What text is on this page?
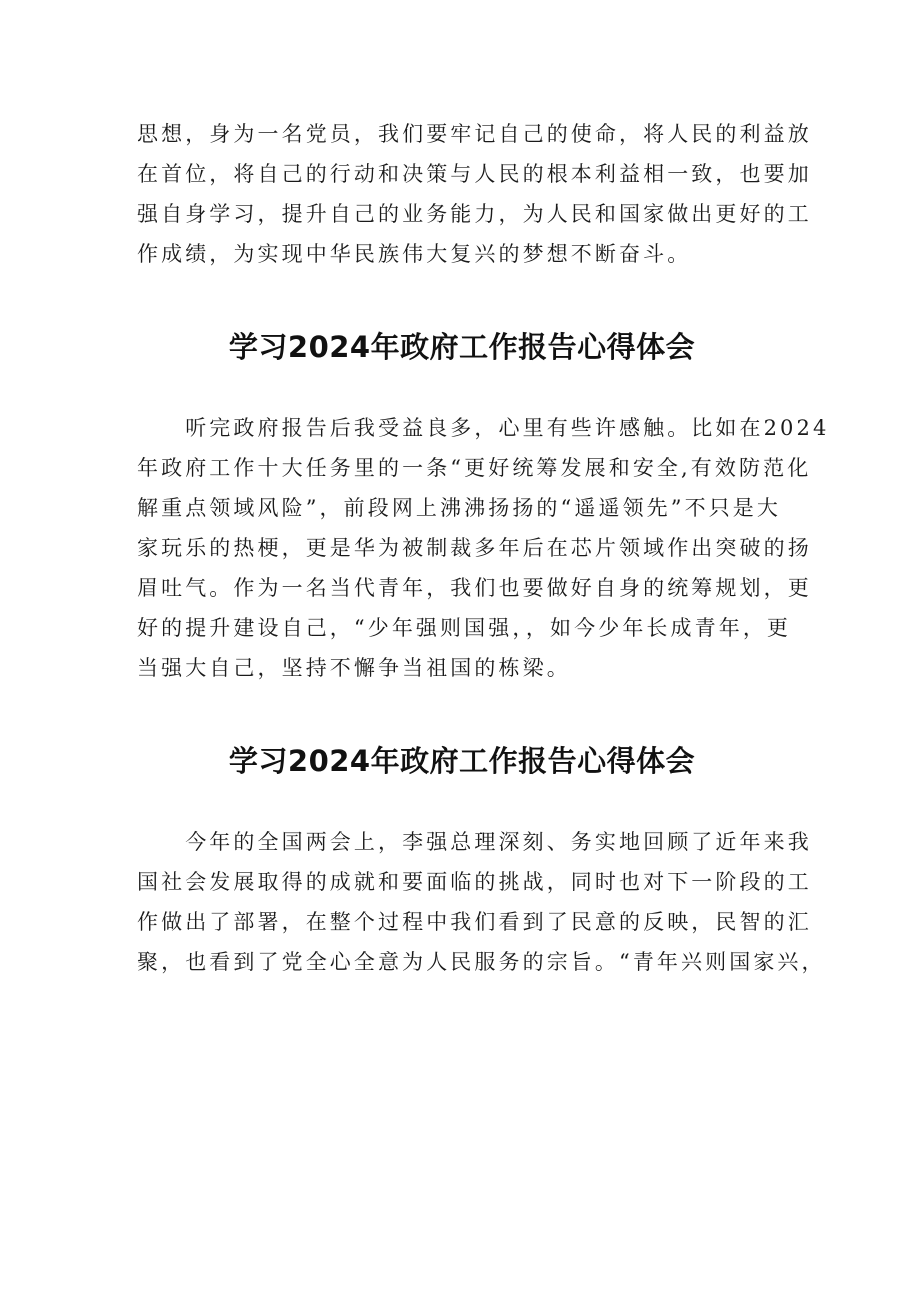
思想，身为一名党员，我们要牢记自己的使命，将人民的利益放
在首位，将自己的行动和决策与人民的根本利益相一致，也要加
强自身学习，提升自己的业务能力，为人民和国家做出更好的工
作成绩，为实现中华民族伟大复兴的梦想不断奋斗。
学习2024年政府工作报告心得体会
　　听完政府报告后我受益良多，心里有些许感触。比如在2024
年政府工作十大任务里的一条“更好统筹发展和安全,有效防范化
解重点领域风险”，前段网上沸沸扬扬的“遥遥领先”不只是大
家玩乐的热梗，更是华为被制裁多年后在芯片领域作出突破的扬
眉吐气。作为一名当代青年，我们也要做好自身的统筹规划，更
好的提升建设自己，“少年强则国强，，如今少年长成青年，更
当强大自己，坚持不懈争当祖国的栋梁。
学习2024年政府工作报告心得体会
　　今年的全国两会上，李强总理深刻、务实地回顾了近年来我
国社会发展取得的成就和要面临的挑战，同时也对下一阶段的工
作做出了部署，在整个过程中我们看到了民意的反映，民智的汇
聚，也看到了党全心全意为人民服务的宗旨。“青年兴则国家兴，
